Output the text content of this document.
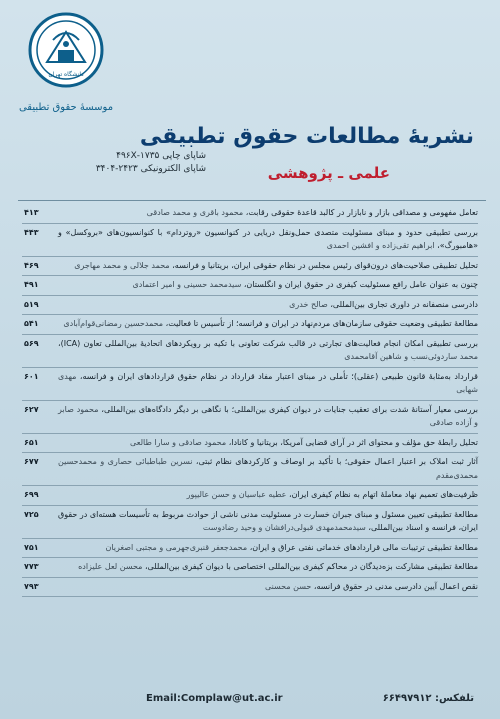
دانشگاه تهران
موسسۀ حقوق تطبیقی
نشریهٔ مطالعات حقوق تطبیقی
علمی ـ پژوهشی
شاپای چاپی ۱۷۳۵-۴۹۶X
شاپای الکترونیکی ۲۴۲۳-۳۴۰۴
تعامل مفهومی و مصداقی بازار و نابازار در کالبد قاعدهٔ حقوقی رقابت، محمود باقری و محمد صادقی
۴۱۳
بررسی تطبیقی حدود و مبنای مسئولیت متصدی حمل‌ونقل دریایی در کنوانسیون «روتردام» با کنوانسیون‌های «بروکسل» و «هامبورگ»، ابراهیم تقی‌زاده و افشین احمدی
۴۴۳
تحلیل تطبیقی صلاحیت‌های درون‌قوای رئیس مجلس در نظام حقوقی ایران، بریتانیا و فرانسه، محمد جلالی و محمد مهاجری
۴۶۹
چنون به عنوان عامل رافع مسئولیت کیفری در حقوق ایران و انگلستان، سیدمحمد حسینی و امیر اعتمادی
۴۹۱
دادرسی منصفانه در داوری تجاری بین‌المللی، صالح خدری
۵۱۹
مطالعهٔ تطبیقی وضعیت حقوقی سازمان‌های مردم‌نهاد در ایران و فرانسه؛ از تأسیس تا فعالیت، محمدحسین رمضانی‌قوام‌آبادی
۵۴۱
بررسی تطبیقی امکان انجام فعالیت‌های تجارتی در قالب شرکت تعاونی با تکیه بر رویکردهای اتحادیهٔ بین‌المللی تعاون (ICA)، محمد ساردوئی‌نسب و شاهین آقامحمدی
۵۶۹
قرارداد به‌مثابهٔ قانون طبیعی (عقلی)؛ تأملی در مبنای اعتبار مفاد قرارداد در نظام حقوق قراردادهای ایران و فرانسه، مهدی شهابی
۶۰۱
بررسی معیار آستانهٔ شدت برای تعقیب جنایات در دیوان کیفری بین‌المللی؛ با نگاهی بر دیگر دادگاه‌های بین‌المللی، محمود صابر و آزاده صادقی
۶۲۷
تحلیل رابطهٔ حق مؤلف و محتوای اثر در آرای قضایی آمریکا، بریتانیا و کانادا، محمود صادقی و سارا طالعی
۶۵۱
آثار ثبت املاک بر اعتبار اعمال حقوقی؛ با تأکید بر اوصاف و کارکردهای نظام ثبتی، نسرین طباطبائی حصاری و محمدحسین محمدی‌مقدم
۶۷۷
ظرفیت‌های تعمیم نهاد معاملهٔ اتهام به نظام کیفری ایران، عطیه عباسیان و حسن عالیپور
۶۹۹
مطالعهٔ تطبیقی تعیین مسئول و مبنای جبران خسارت در مسئولیت مدنی ناشی از حوادث مربوط به تأسیسات هسته‌ای در حقوق ایران، فرانسه و اسناد بین‌المللی، سیدمحمدمهدی قبولی‌درافشان و وحید رضادوست
۷۲۵
مطالعهٔ تطبیقی ترتیبات مالی قراردادهای خدماتی نفتی عراق و ایران، محمدجعفر قنبری‌جهرمی و مجتبی اصغریان
۷۵۱
مطالعهٔ تطبیقی مشارکت بزه‌دیدگان در محاکم کیفری بین‌المللی اختصاصی با دیوان کیفری بین‌المللی، محسن لعل علیزاده
۷۷۳
نقص اعمال آیین دادرسی مدنی در حقوق فرانسه، حسن محسنی
۷۹۳
Email:Complaw@ut.ac.ir	تلفکس: ۶۶۴۹۷۹۱۲
